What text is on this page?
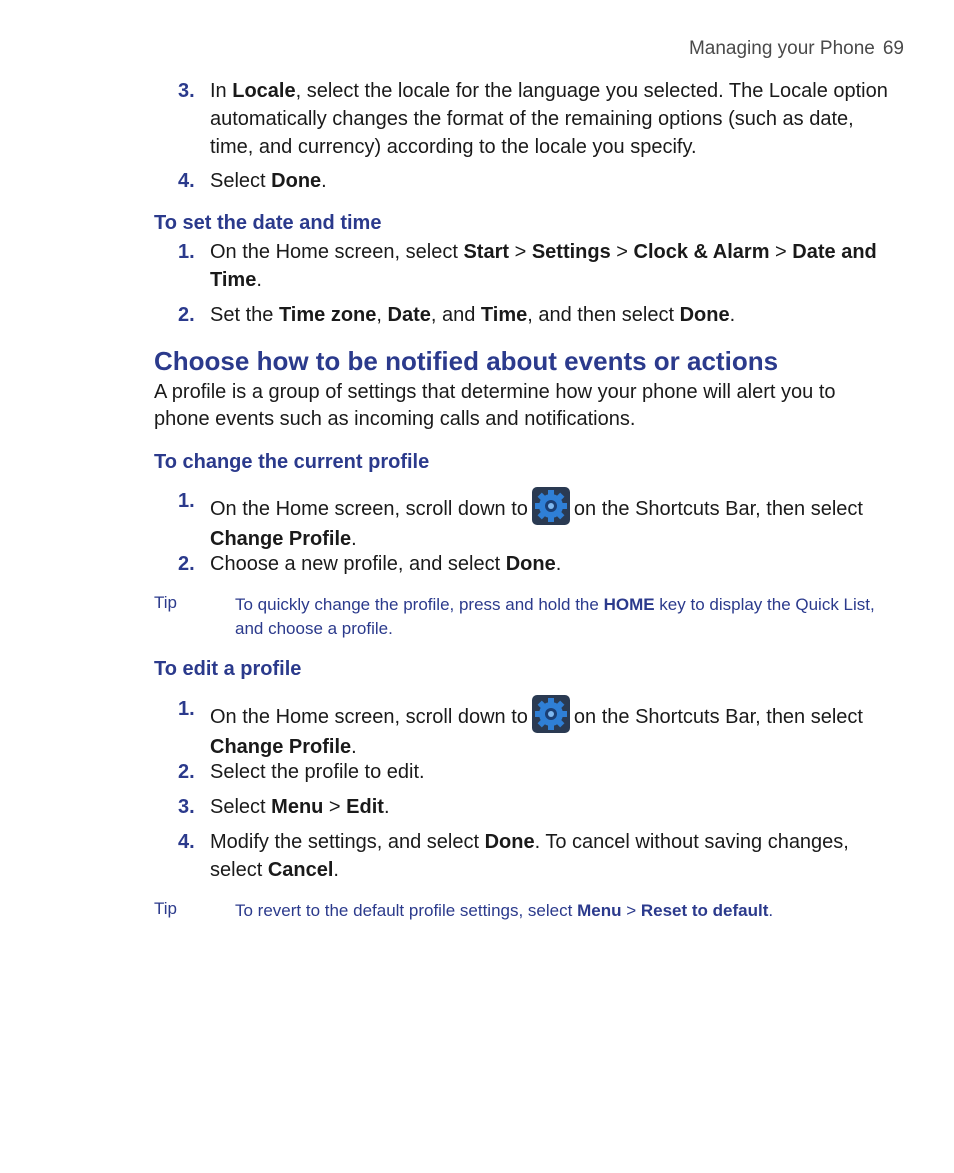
Managing your Phone 69
3. In Locale, select the locale for the language you selected. The Locale option automatically changes the format of the remaining options (such as date, time, and currency) according to the locale you specify.
4. Select Done.
To set the date and time
1. On the Home screen, select Start > Settings > Clock & Alarm > Date and Time.
2. Set the Time zone, Date, and Time, and then select Done.
Choose how to be notified about events or actions
A profile is a group of settings that determine how your phone will alert you to phone events such as incoming calls and notifications.
To change the current profile
1. On the Home screen, scroll down to on the Shortcuts Bar, then select Change Profile.
2. Choose a new profile, and select Done.
Tip	To quickly change the profile, press and hold the HOME key to display the Quick List, and choose a profile.
To edit a profile
1. On the Home screen, scroll down to on the Shortcuts Bar, then select Change Profile.
2. Select the profile to edit.
3. Select Menu > Edit.
4. Modify the settings, and select Done. To cancel without saving changes, select Cancel.
Tip	To revert to the default profile settings, select Menu > Reset to default.
